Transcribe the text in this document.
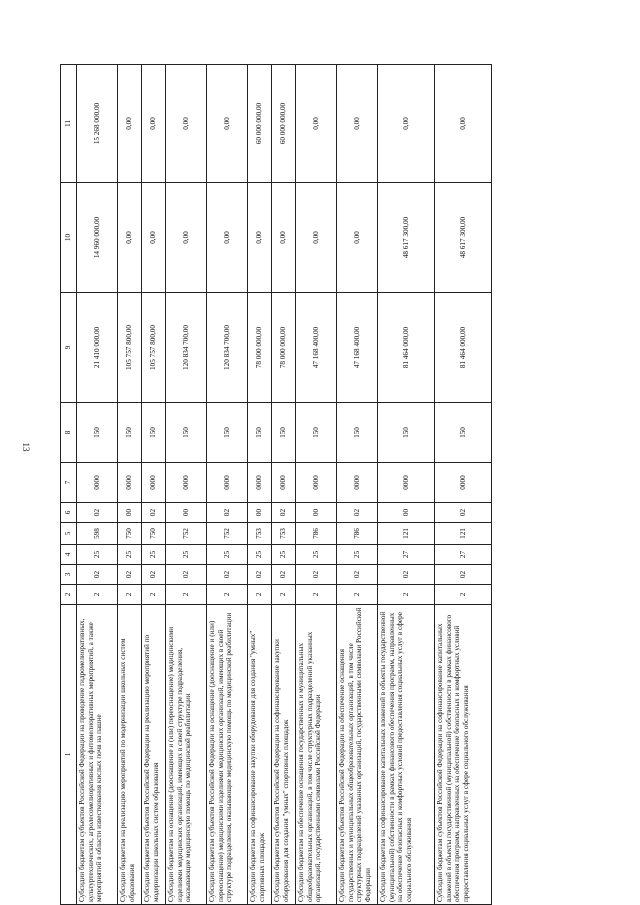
13
1	2	3	4	5	6	7	8	9	10	11
Субсидии бюджетам субъектов Российской Федерации на проведение гидромелиоративных, культуртехнических, агролесомелиоративных и фитомелиоративных мероприятий, а также мероприятий в области известкования кислых почв на пашне	2	02	25	598	02	0000	150	21 410 000,00	14 960 000,00	15 268 000,00
Субсидии бюджетам на реализацию мероприятий по модернизации школьных систем образования	2	02	25	750	00	0000	150	105 757 800,00	0,00	0,00
Субсидии бюджетам субъектов Российской Федерации на реализацию мероприятий по модернизации школьных систем образования	2	02	25	750	02	0000	150	105 757 800,00	0,00	0,00
Субсидии бюджетам на оснащение (дооснащение и (или) переоснащение) медицинскими изделиями медицинских организаций, имеющих в своей структуре подразделения, оказывающие медицинскую помощь по медицинской реабилитации	2	02	25	752	00	0000	150	120 834 700,00	0,00	0,00
Субсидии бюджетам субъектов Российской Федерации на оснащение (дооснащение и (или) переоснащение) медицинскими изделиями медицинских организаций, имеющих в своей структуре подразделения, оказывающие медицинскую помощь по медицинской реабилитации	2	02	25	752	02	0000	150	120 834 700,00	0,00	0,00
Субсидии бюджетам на софинансирование закупки оборудования для создания "умных" спортивных площадок	2	02	25	753	00	0000	150	78 000 000,00	0,00	60 000 000,00
Субсидии бюджетам субъектов Российской Федерации на софинансирование закупки оборудования для создания "умных" спортивных площадок	2	02	25	753	02	0000	150	78 000 000,00	0,00	60 000 000,00
Субсидии бюджетам на обеспечение оснащения государственных и муниципальных общеобразовательных организаций, в том числе структурных подразделений указанных организаций, государственными символами Российской Федерации	2	02	25	786	00	0000	150	47 168 400,00	0,00	0,00
Субсидии бюджетам субъектов Российской Федерации на обеспечение оснащения государственных и муниципальных общеобразовательных организаций, в том числе структурных подразделений указанных организаций, государственными символами Российской Федерации	2	02	25	786	02	0000	150	47 168 400,00	0,00	0,00
Субсидии бюджетам на софинансирование капитальных вложений в объекты государственной (муниципальной) собственности в рамках финансового обеспечения программ, направленных на обеспечение безопасных и комфортных условий предоставления социальных услуг в сфере социального обслуживания	2	02	27	121	00	0000	150	81 464 000,00	48 617 300,00	0,00
Субсидии бюджетам субъектов Российской Федерации на софинансирование капитальных вложений в объекты государственной (муниципальной) собственности в рамках финансового обеспечения программ, направленных на обеспечение безопасных и комфортных условий предоставления социальных услуг в сфере социального обслуживания	2	02	27	121	02	0000	150	81 464 000,00	48 617 300,00	0,00
